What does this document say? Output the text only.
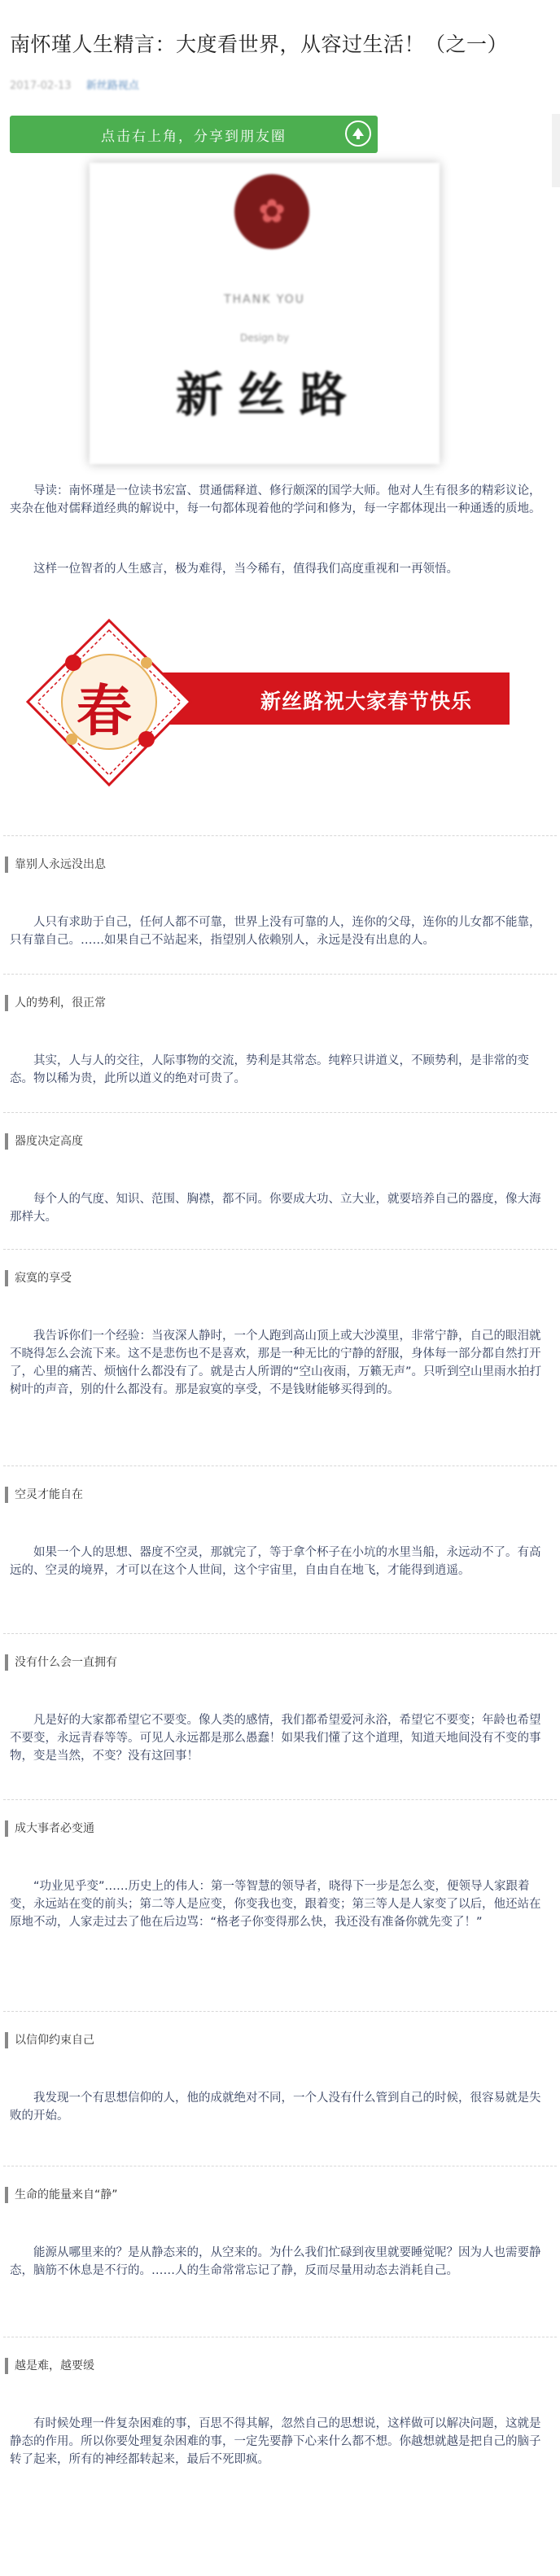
南怀瑾人生精言：大度看世界，从容过生活！（之一）
2017-02-13 新丝路视点
点击右上角，分享到朋友圈
✿
THANK YOU
Design by
新丝路

导读：南怀瑾是一位读书宏富、贯通儒释道、修行颇深的国学大师。他对人生有很多的精彩议论，夹杂在他对儒释道经典的解说中，每一句都体现着他的学问和修为，每一字都体现出一种通透的质地。

这样一位智者的人生感言，极为难得，当今稀有，值得我们高度重视和一再领悟。

春	新丝路祝大家春节快乐
靠别人永远没出息

人只有求助于自己，任何人都不可靠，世界上没有可靠的人，连你的父母，连你的儿女都不能靠，只有靠自己。……如果自己不站起来，指望别人依赖别人，永远是没有出息的人。

人的势利，很正常

其实，人与人的交往，人际事物的交流，势利是其常态。纯粹只讲道义，不顾势利，是非常的变态。物以稀为贵，此所以道义的绝对可贵了。

器度决定高度

每个人的气度、知识、范围、胸襟，都不同。你要成大功、立大业，就要培养自己的器度，像大海那样大。

寂寞的享受

我告诉你们一个经验：当夜深人静时，一个人跑到高山顶上或大沙漠里，非常宁静，自己的眼泪就不晓得怎么会流下来。这不是悲伤也不是喜欢，那是一种无比的宁静的舒服，身体每一部分都自然打开了，心里的痛苦、烦恼什么都没有了。就是古人所谓的“空山夜雨，万籁无声”。只听到空山里雨水拍打树叶的声音，别的什么都没有。那是寂寞的享受，不是钱财能够买得到的。

空灵才能自在

如果一个人的思想、器度不空灵，那就完了，等于拿个杯子在小坑的水里当船，永远动不了。有高远的、空灵的境界，才可以在这个人世间，这个宇宙里，自由自在地飞，才能得到逍遥。

没有什么会一直拥有

凡是好的大家都希望它不要变。像人类的感情，我们都希望爱河永浴，希望它不要变；年龄也希望不要变，永远青春等等。可见人永远都是那么愚蠢！如果我们懂了这个道理，知道天地间没有不变的事物，变是当然，不变？没有这回事！

成大事者必变通

“功业见乎变”……历史上的伟人：第一等智慧的领导者，晓得下一步是怎么变，便领导人家跟着变，永远站在变的前头；第二等人是应变，你变我也变，跟着变；第三等人是人家变了以后，他还站在原地不动，人家走过去了他在后边骂：“格老子你变得那么快，我还没有准备你就先变了！”

以信仰约束自己

我发现一个有思想信仰的人，他的成就绝对不同，一个人没有什么管到自己的时候，很容易就是失败的开始。

生命的能量来自“静”

能源从哪里来的？是从静态来的，从空来的。为什么我们忙碌到夜里就要睡觉呢？因为人也需要静态，脑筋不休息是不行的。……人的生命常常忘记了静，反而尽量用动态去消耗自己。

越是难，越要缓

有时候处理一件复杂困难的事，百思不得其解，忽然自己的思想说，这样做可以解决问题，这就是静态的作用。所以你要处理复杂困难的事，一定先要静下心来什么都不想。你越想就越是把自己的脑子转了起来，所有的神经都转起来，最后不死即疯。
